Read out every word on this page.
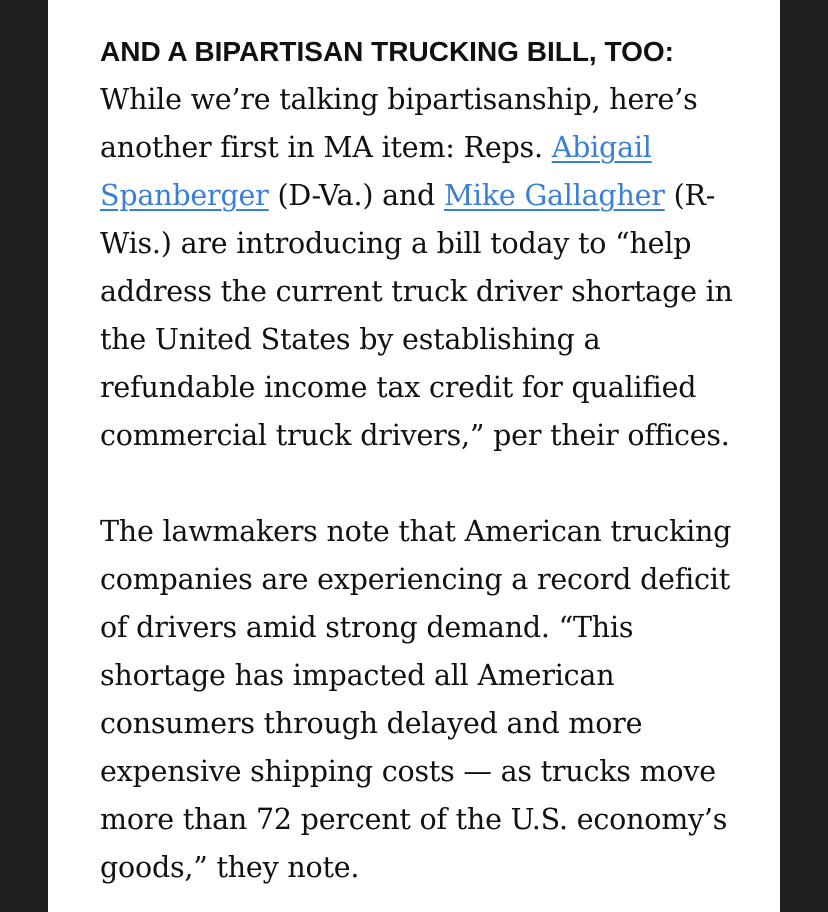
AND A BIPARTISAN TRUCKING BILL, TOO: While we’re talking bipartisanship, here’s another first in MA item: Reps. Abigail Spanberger (D-Va.) and Mike Gallagher (R-Wis.) are introducing a bill today to “help address the current truck driver shortage in the United States by establishing a refundable income tax credit for qualified commercial truck drivers,” per their offices.

The lawmakers note that American trucking companies are experiencing a record deficit of drivers amid strong demand. “This shortage has impacted all American consumers through delayed and more expensive shipping costs — as trucks move more than 72 percent of the U.S. economy’s goods,” they note.
